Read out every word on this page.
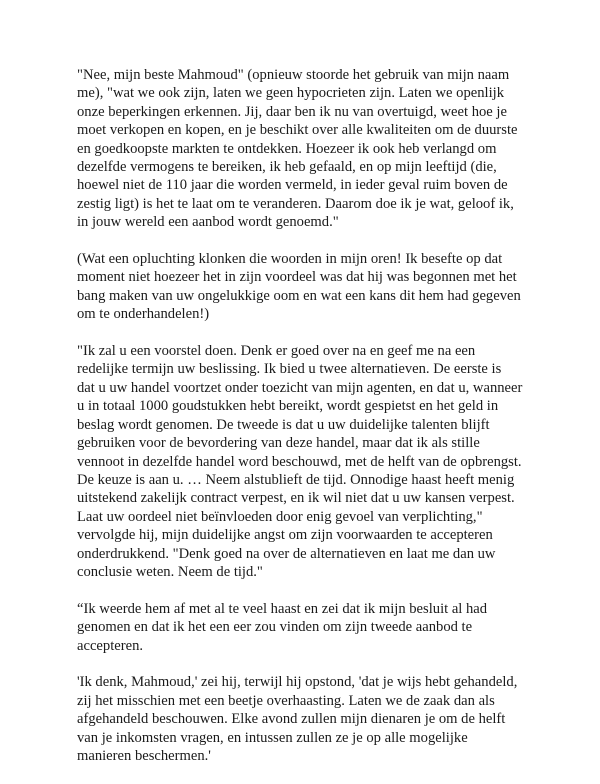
"Nee, mijn beste Mahmoud" (opnieuw stoorde het gebruik van mijn naam
me), "wat we ook zijn, laten we geen hypocrieten zijn. Laten we openlijk
onze beperkingen erkennen. Jij, daar ben ik nu van overtuigd, weet hoe je
moet verkopen en kopen, en je beschikt over alle kwaliteiten om de duurste
en goedkoopste markten te ontdekken. Hoezeer ik ook heb verlangd om
dezelfde vermogens te bereiken, ik heb gefaald, en op mijn leeftijd (die,
hoewel niet de 110 jaar die worden vermeld, in ieder geval ruim boven de
zestig ligt) is het te laat om te veranderen. Daarom doe ik je wat, geloof ik,
in jouw wereld een aanbod wordt genoemd."

(Wat een opluchting klonken die woorden in mijn oren! Ik besefte op dat
moment niet hoezeer het in zijn voordeel was dat hij was begonnen met het
bang maken van uw ongelukkige oom en wat een kans dit hem had gegeven
om te onderhandelen!)

"Ik zal u een voorstel doen. Denk er goed over na en geef me na een
redelijke termijn uw beslissing. Ik bied u twee alternatieven. De eerste is
dat u uw handel voortzet onder toezicht van mijn agenten, en dat u, wanneer
u in totaal 1000 goudstukken hebt bereikt, wordt gespietst en het geld in
beslag wordt genomen. De tweede is dat u uw duidelijke talenten blijft
gebruiken voor de bevordering van deze handel, maar dat ik als stille
vennoot in dezelfde handel word beschouwd, met de helft van de opbrengst.
De keuze is aan u. … Neem alstublieft de tijd. Onnodige haast heeft menig
uitstekend zakelijk contract verpest, en ik wil niet dat u uw kansen verpest.
Laat uw oordeel niet beïnvloeden door enig gevoel van verplichting,"
vervolgde hij, mijn duidelijke angst om zijn voorwaarden te accepteren
onderdrukkend. "Denk goed na over de alternatieven en laat me dan uw
conclusie weten. Neem de tijd."

“Ik weerde hem af met al te veel haast en zei dat ik mijn besluit al had
genomen en dat ik het een eer zou vinden om zijn tweede aanbod te
accepteren.

'Ik denk, Mahmoud,' zei hij, terwijl hij opstond, 'dat je wijs hebt gehandeld,
zij het misschien met een beetje overhaasting. Laten we de zaak dan als
afgehandeld beschouwen. Elke avond zullen mijn dienaren je om de helft
van je inkomsten vragen, en intussen zullen ze je op alle mogelijke
manieren beschermen.'
